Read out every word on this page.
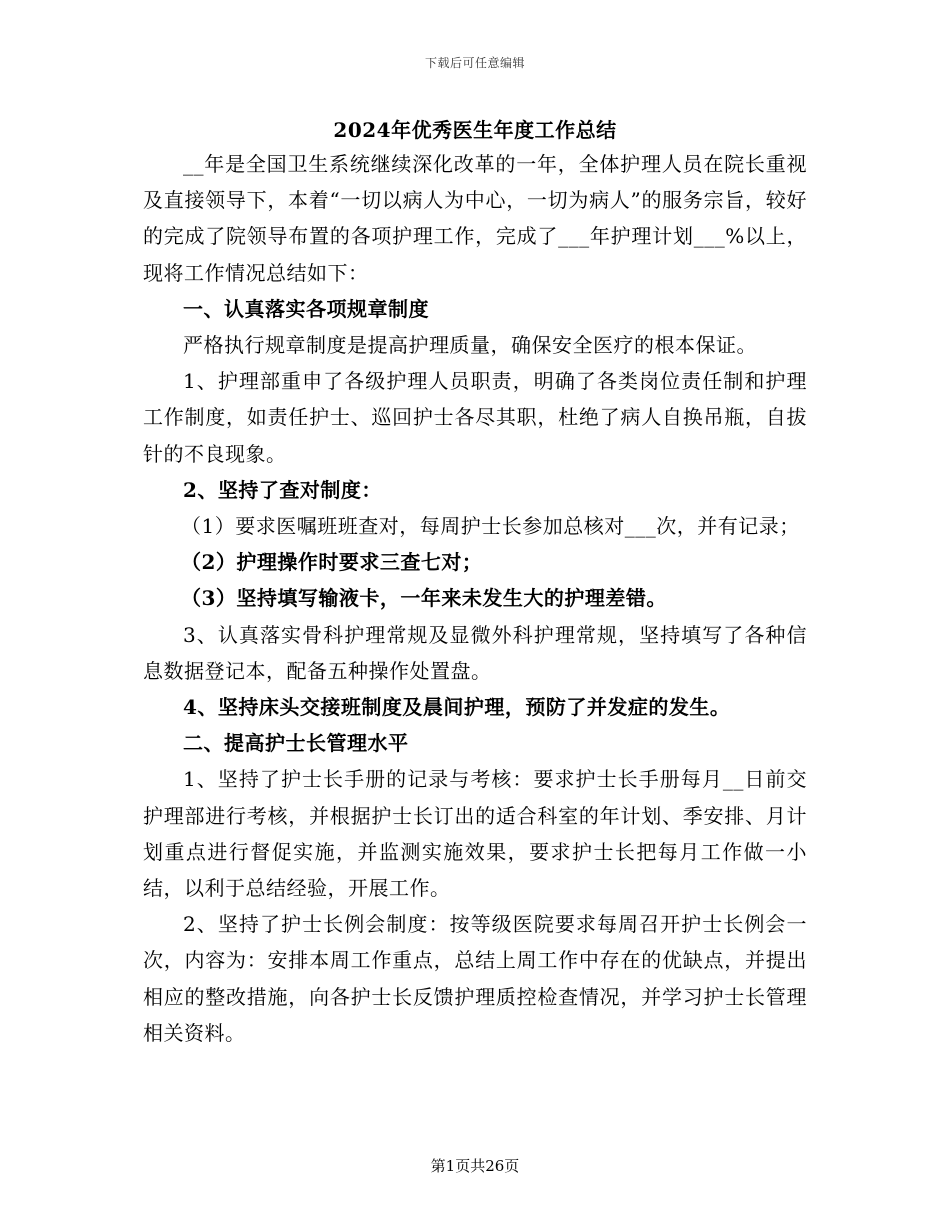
下载后可任意编辑
2024年优秀医生年度工作总结

__年是全国卫生系统继续深化改革的一年，全体护理人员在院长重视及直接领导下，本着“一切以病人为中心，一切为病人”的服务宗旨，较好的完成了院领导布置的各项护理工作，完成了___年护理计划___%以上，现将工作情况总结如下：

一、认真落实各项规章制度

严格执行规章制度是提高护理质量，确保安全医疗的根本保证。

1、护理部重申了各级护理人员职责，明确了各类岗位责任制和护理工作制度，如责任护士、巡回护士各尽其职，杜绝了病人自换吊瓶，自拔针的不良现象。

2、坚持了查对制度：

（1）要求医嘱班班查对，每周护士长参加总核对___次，并有记录；

（2）护理操作时要求三查七对；

（3）坚持填写输液卡，一年来未发生大的护理差错。

3、认真落实骨科护理常规及显微外科护理常规，坚持填写了各种信息数据登记本，配备五种操作处置盘。

4、坚持床头交接班制度及晨间护理，预防了并发症的发生。

二、提高护士长管理水平

1、坚持了护士长手册的记录与考核：要求护士长手册每月__日前交护理部进行考核，并根据护士长订出的适合科室的年计划、季安排、月计划重点进行督促实施，并监测实施效果，要求护士长把每月工作做一小结，以利于总结经验，开展工作。

2、坚持了护士长例会制度：按等级医院要求每周召开护士长例会一次，内容为：安排本周工作重点，总结上周工作中存在的优缺点，并提出相应的整改措施，向各护士长反馈护理质控检查情况，并学习护士长管理相关资料。

第1页共26页
